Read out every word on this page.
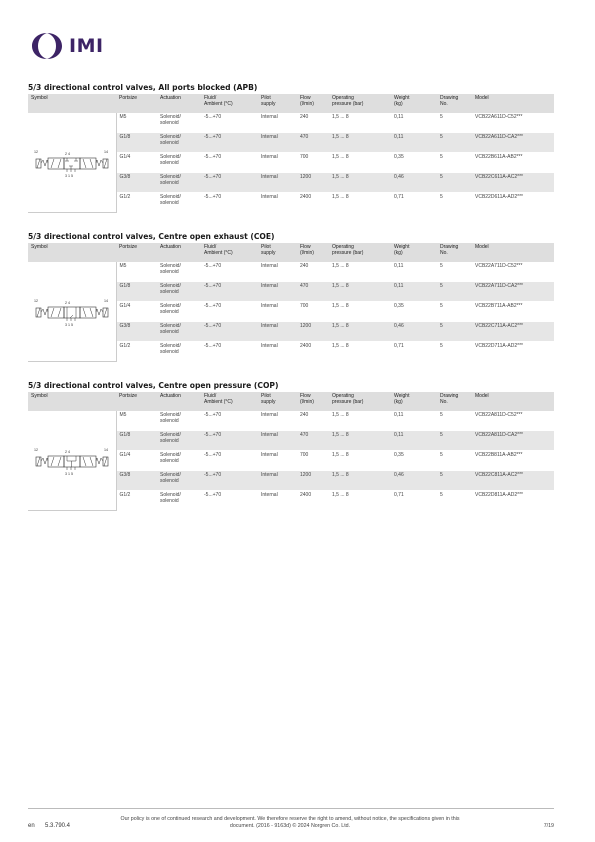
IMI
5/3 directional control valves, All ports blocked (APB)
Symbol	Portsize	Actuation	Fluid/
Ambient (°C)	Pilot
supply	Flow
(l/min)	Operating
pressure (bar)	Weight
(kg)	Drawing
No.	Model

12 14
2 4
3 1 5	M5	Solenoid/
solenoid	-5...+70	Internal	240	1,5 ... 8	0,11	5	VCB22A611D-C52***
	G1/8	Solenoid/
solenoid	-5...+70	Internal	470	1,5 ... 8	0,11	5	VCB22A611D-CA2***
	G1/4	Solenoid/
solenoid	-5...+70	Internal	700	1,5 ... 8	0,35	5	VCB22B611A-AB2***
	G3/8	Solenoid/
solenoid	-5...+70	Internal	1200	1,5 ... 8	0,46	5	VCB22C611A-AC2***
	G1/2	Solenoid/
solenoid	-5...+70	Internal	2400	1,5 ... 8	0,71	5	VCB22D611A-AD2***
5/3 directional control valves, Centre open exhaust (COE)
Symbol	Portsize	Actuation	Fluid/
Ambient (°C)	Pilot
supply	Flow
(l/min)	Operating
pressure (bar)	Weight
(kg)	Drawing
No.	Model

12 14
2 4
3 1 5	M5	Solenoid/
solenoid	-5...+70	Internal	240	1,5 ... 8	0,11	5	VCB22A711D-C52***
	G1/8	Solenoid/
solenoid	-5...+70	Internal	470	1,5 ... 8	0,11	5	VCB22A711D-CA2***
	G1/4	Solenoid/
solenoid	-5...+70	Internal	700	1,5 ... 8	0,35	5	VCB22B711A-AB2***
	G3/8	Solenoid/
solenoid	-5...+70	Internal	1200	1,5 ... 8	0,46	5	VCB22C711A-AC2***
	G1/2	Solenoid/
solenoid	-5...+70	Internal	2400	1,5 ... 8	0,71	5	VCB22D711A-AD2***
5/3 directional control valves, Centre open pressure (COP)
Symbol	Portsize	Actuation	Fluid/
Ambient (°C)	Pilot
supply	Flow
(l/min)	Operating
pressure (bar)	Weight
(kg)	Drawing
No.	Model

12 14
2 4
3 1 5	M5	Solenoid/
solenoid	-5...+70	Internal	240	1,5 ... 8	0,11	5	VCB22A811D-C52***
	G1/8	Solenoid/
solenoid	-5...+70	Internal	470	1,5 ... 8	0,11	5	VCB22A811D-CA2***
	G1/4	Solenoid/
solenoid	-5...+70	Internal	700	1,5 ... 8	0,35	5	VCB22B811A-AB2***
	G3/8	Solenoid/
solenoid	-5...+70	Internal	1200	1,5 ... 8	0,46	5	VCB22C811A-AC2***
	G1/2	Solenoid/
solenoid	-5...+70	Internal	2400	1,5 ... 8	0,71	5	VCB22D811A-AD2***
en 5.3.790.4
Our policy is one of continued research and development. We therefore reserve the right to amend, without notice, the specifications given in this document. (2016 - 9163d) © 2024 Norgren Co. Ltd.	7/19
